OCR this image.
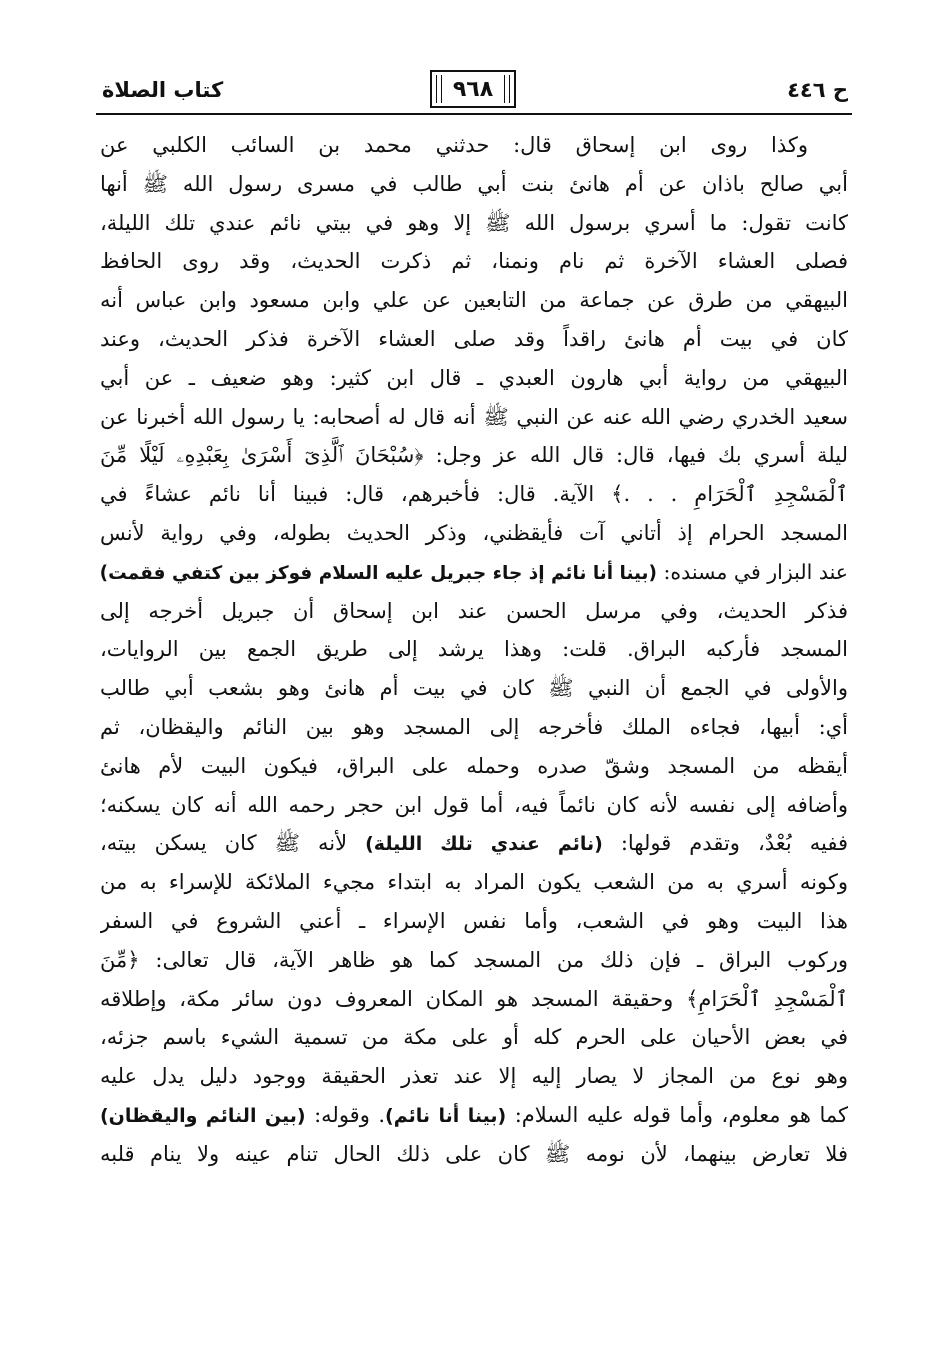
ح ٤٤٦
٩٦٨
كتاب الصلاة
وكذا روى ابن إسحاق قال: حدثني محمد بن السائب الكلبي عن
أبي صالح باذان عن أم هانئ بنت أبي طالب في مسرى رسول الله ﷺ أنها
كانت تقول: ما أسري برسول الله ﷺ إلا وهو في بيتي نائم عندي تلك الليلة،
فصلى العشاء الآخرة ثم نام ونمنا، ثم ذكرت الحديث، وقد روى الحافظ
البيهقي من طرق عن جماعة من التابعين عن علي وابن مسعود وابن عباس أنه
كان في بيت أم هانئ راقداً وقد صلى العشاء الآخرة فذكر الحديث، وعند
البيهقي من رواية أبي هارون العبدي ـ قال ابن كثير: وهو ضعيف ـ عن أبي
سعيد الخدري رضي الله عنه عن النبي ﷺ أنه قال له أصحابه: يا رسول الله أخبرنا عن
ليلة أسري بك فيها، قال: قال الله عز وجل: ﴿سُبْحَانَ ٱلَّذِىٓ أَسْرَىٰ بِعَبْدِهِۦ لَيْلًا مِّنَ
ٱلْمَسْجِدِ ٱلْحَرَامِ . . .﴾ الآية. قال: فأخبرهم، قال: فبينا أنا نائم عشاءً في
المسجد الحرام إذ أتاني آت فأيقظني، وذكر الحديث بطوله، وفي رواية لأنس
عند البزار في مسنده: (بينا أنا نائم إذ جاء جبريل عليه السلام فوكز بين كتفي فقمت)
فذكر الحديث، وفي مرسل الحسن عند ابن إسحاق أن جبريل أخرجه إلى
المسجد فأركبه البراق. قلت: وهذا يرشد إلى طريق الجمع بين الروايات،
والأولى في الجمع أن النبي ﷺ كان في بيت أم هانئ وهو بشعب أبي طالب
أي: أبيها، فجاءه الملك فأخرجه إلى المسجد وهو بين النائم واليقظان، ثم
أيقظه من المسجد وشقّ صدره وحمله على البراق، فيكون البيت لأم هانئ
وأضافه إلى نفسه لأنه كان نائماً فيه، أما قول ابن حجر رحمه الله أنه كان يسكنه؛
ففيه بُعْدٌ، وتقدم قولها: (نائم عندي تلك الليلة) لأنه ﷺ كان يسكن بيته،
وكونه أسري به من الشعب يكون المراد به ابتداء مجيء الملائكة للإسراء به من
هذا البيت وهو في الشعب، وأما نفس الإسراء ـ أعني الشروع في السفر
وركوب البراق ـ فإن ذلك من المسجد كما هو ظاهر الآية، قال تعالى: ﴿مِّنَ
ٱلْمَسْجِدِ ٱلْحَرَامِ﴾ وحقيقة المسجد هو المكان المعروف دون سائر مكة، وإطلاقه
في بعض الأحيان على الحرم كله أو على مكة من تسمية الشيء باسم جزئه،
وهو نوع من المجاز لا يصار إليه إلا عند تعذر الحقيقة ووجود دليل يدل عليه
كما هو معلوم، وأما قوله عليه السلام: (بينا أنا نائم). وقوله: (بين النائم واليقظان)
فلا تعارض بينهما، لأن نومه ﷺ كان على ذلك الحال تنام عينه ولا ينام قلبه
